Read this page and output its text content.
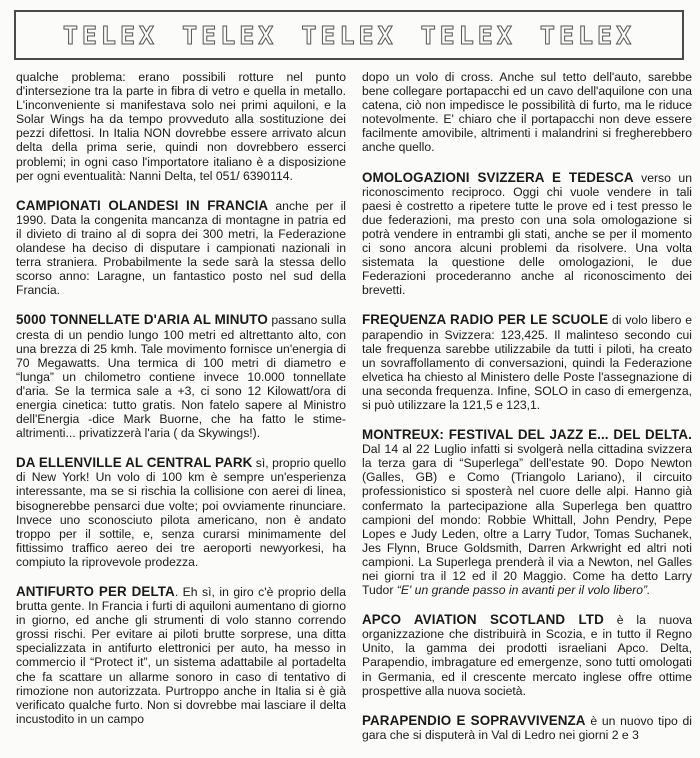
TELEX TELEX TELEX TELEX TELEX

qualche problema: erano possibili rotture nel punto d'intersezione tra la parte in fibra di vetro e quella in metallo. L'inconveniente si manifestava solo nei primi aquiloni, e la Solar Wings ha da tempo provveduto alla sostituzione dei pezzi difettosi. In Italia NON dovrebbe essere arrivato alcun delta della prima serie, quindi non dovrebbero esserci problemi; in ogni caso l'importatore italiano è a disposizione per ogni eventualità: Nanni Delta, tel 051/ 6390114.

CAMPIONATI OLANDESI IN FRANCIA anche per il 1990. Data la congenita mancanza di montagne in patria ed il divieto di traino al di sopra dei 300 metri, la Federazione olandese ha deciso di disputare i campionati nazionali in terra straniera. Probabilmente la sede sarà la stessa dello scorso anno: Laragne, un fantastico posto nel sud della Francia.

5000 TONNELLATE D'ARIA AL MINUTO passano sulla cresta di un pendio lungo 100 metri ed altrettanto alto, con una brezza di 25 kmh. Tale movimento fornisce un'energia di 70 Megawatts. Una termica di 100 metri di diametro e “lunga” un chilometro contiene invece 10.000 tonnellate d'aria. Se la termica sale a +3, ci sono 12 Kilowatt/ora di energia cinetica: tutto gratis. Non fatelo sapere al Ministro dell'Energia -dice Mark Buorne, che ha fatto le stime- altrimenti... privatizzerà l'aria ( da Skywings!).

DA ELLENVILLE AL CENTRAL PARK sì, proprio quello di New York! Un volo di 100 km è sempre un'esperienza interessante, ma se si rischia la collisione con aerei di linea, bisognerebbe pensarci due volte; poi ovviamente rinunciare. Invece uno sconosciuto pilota americano, non è andato troppo per il sottile, e, senza curarsi minimamente del fittissimo traffico aereo dei tre aeroporti newyorkesi, ha compiuto la riprovevole prodezza.

ANTIFURTO PER DELTA. Eh sì, in giro c'è proprio della brutta gente. In Francia i furti di aquiloni aumentano di giorno in giorno, ed anche gli strumenti di volo stanno correndo grossi rischi. Per evitare ai piloti brutte sorprese, una ditta specializzata in antifurto elettronici per auto, ha messo in commercio il “Protect it”, un sistema adattabile al portadelta che fa scattare un allarme sonoro in caso di tentativo di rimozione non autorizzata. Purtroppo anche in Italia si è già verificato qualche furto. Non si dovrebbe mai lasciare il delta incustodito in un campo

dopo un volo di cross. Anche sul tetto dell'auto, sarebbe bene collegare portapacchi ed un cavo dell'aquilone con una catena, ciò non impedisce le possibilità di furto, ma le riduce notevolmente. E' chiaro che il portapacchi non deve essere facilmente amovibile, altrimenti i malandrini si fregherebbero anche quello.

OMOLOGAZIONI SVIZZERA E TEDESCA verso un riconoscimento reciproco. Oggi chi vuole vendere in tali paesi è costretto a ripetere tutte le prove ed i test presso le due federazioni, ma presto con una sola omologazione si potrà vendere in entrambi gli stati, anche se per il momento ci sono ancora alcuni problemi da risolvere. Una volta sistemata la questione delle omologazioni, le due Federazioni procederanno anche al riconoscimento dei brevetti.

FREQUENZA RADIO PER LE SCUOLE di volo libero e parapendio in Svizzera: 123,425. Il malinteso secondo cui tale frequenza sarebbe utilizzabile da tutti i piloti, ha creato un sovraffollamento di conversazioni, quindi la Federazione elvetica ha chiesto al Ministero delle Poste l'assegnazione di una seconda frequenza. Infine, SOLO in caso di emergenza, si può utilizzare la 121,5 e 123,1.

MONTREUX: FESTIVAL DEL JAZZ E... DEL DELTA. Dal 14 al 22 Luglio infatti si svolgerà nella cittadina svizzera la terza gara di “Superlega” dell'estate 90. Dopo Newton (Galles, GB) e Como (Triangolo Lariano), il circuito professionistico si sposterà nel cuore delle alpi. Hanno già confermato la partecipazione alla Superlega ben quattro campioni del mondo: Robbie Whittall, John Pendry, Pepe Lopes e Judy Leden, oltre a Larry Tudor, Tomas Suchanek, Jes Flynn, Bruce Goldsmith, Darren Arkwright ed altri noti campioni. La Superlega prenderà il via a Newton, nel Galles nei giorni tra il 12 ed il 20 Maggio. Come ha detto Larry Tudor “E' un grande passo in avanti per il volo libero”.

APCO AVIATION SCOTLAND LTD è la nuova organizzazione che distribuirà in Scozia, e in tutto il Regno Unito, la gamma dei prodotti israeliani Apco. Delta, Parapendio, imbragature ed emergenze, sono tutti omologati in Germania, ed il crescente mercato inglese offre ottime prospettive alla nuova società.

PARAPENDIO E SOPRAVVIVENZA è un nuovo tipo di gara che si disputerà in Val di Ledro nei giorni 2 e 3
